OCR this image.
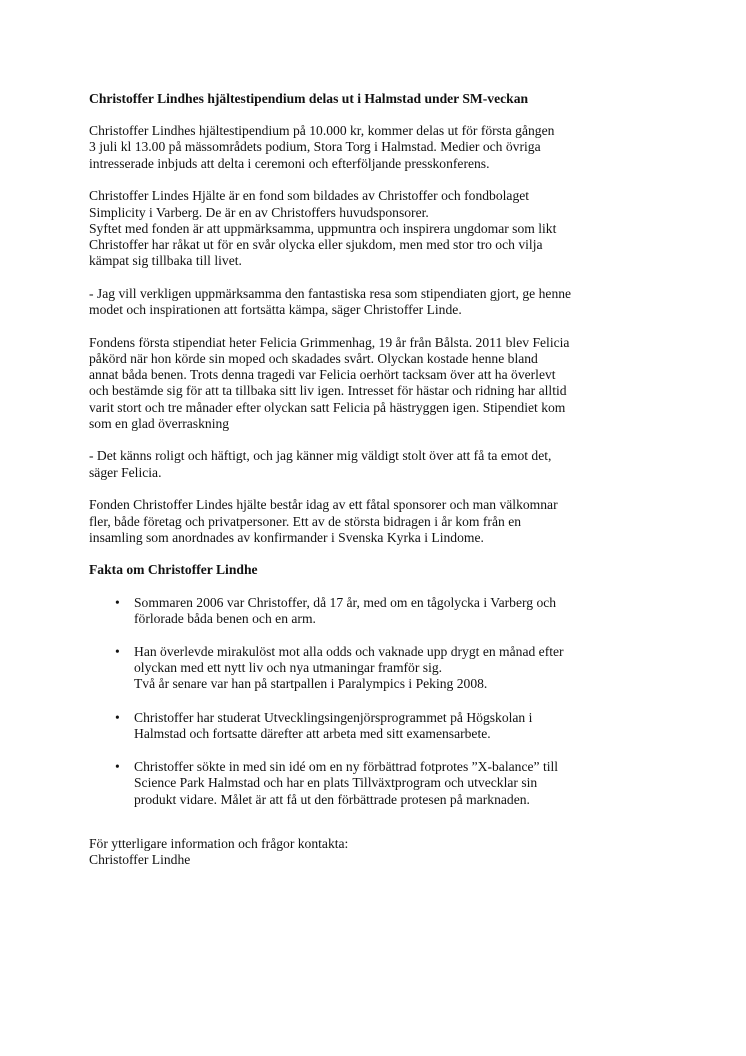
Christoffer Lindhes hjältestipendium delas ut i Halmstad under SM-veckan

Christoffer Lindhes hjältestipendium på 10.000 kr, kommer delas ut för första gången
3 juli kl 13.00 på mässområdets podium, Stora Torg i Halmstad. Medier och övriga
intresserade inbjuds att delta i ceremoni och efterföljande presskonferens.

Christoffer Lindes Hjälte är en fond som bildades av Christoffer och fondbolaget
Simplicity i Varberg. De är en av Christoffers huvudsponsorer.
Syftet med fonden är att uppmärksamma, uppmuntra och inspirera ungdomar som likt
Christoffer har råkat ut för en svår olycka eller sjukdom, men med stor tro och vilja
kämpat sig tillbaka till livet.

- Jag vill verkligen uppmärksamma den fantastiska resa som stipendiaten gjort, ge henne
modet och inspirationen att fortsätta kämpa, säger Christoffer Linde.

Fondens första stipendiat heter Felicia Grimmenhag, 19 år från Bålsta. 2011 blev Felicia
påkörd när hon körde sin moped och skadades svårt. Olyckan kostade henne bland
annat båda benen. Trots denna tragedi var Felicia oerhört tacksam över att ha överlevt
och bestämde sig för att ta tillbaka sitt liv igen. Intresset för hästar och ridning har alltid
varit stort och tre månader efter olyckan satt Felicia på hästryggen igen. Stipendiet kom
som en glad överraskning

- Det känns roligt och häftigt, och jag känner mig väldigt stolt över att få ta emot det,
säger Felicia.

Fonden Christoffer Lindes hjälte består idag av ett fåtal sponsorer och man välkomnar
fler, både företag och privatpersoner. Ett av de största bidragen i år kom från en
insamling som anordnades av konfirmander i Svenska Kyrka i Lindome.

Fakta om Christoffer Lindhe
• Sommaren 2006 var Christoffer, då 17 år, med om en tågolycka i Varberg och
förlorade båda benen och en arm.
• Han överlevde mirakulöst mot alla odds och vaknade upp drygt en månad efter
olyckan med ett nytt liv och nya utmaningar framför sig.
Två år senare var han på startpallen i Paralympics i Peking 2008.
• Christoffer har studerat Utvecklingsingenjörsprogrammet på Högskolan i
Halmstad och fortsatte därefter att arbeta med sitt examensarbete.
• Christoffer sökte in med sin idé om en ny förbättrad fotprotes ”X-balance” till
Science Park Halmstad och har en plats Tillväxtprogram och utvecklar sin
produkt vidare. Målet är att få ut den förbättrade protesen på marknaden.
För ytterligare information och frågor kontakta:
Christoffer Lindhe
